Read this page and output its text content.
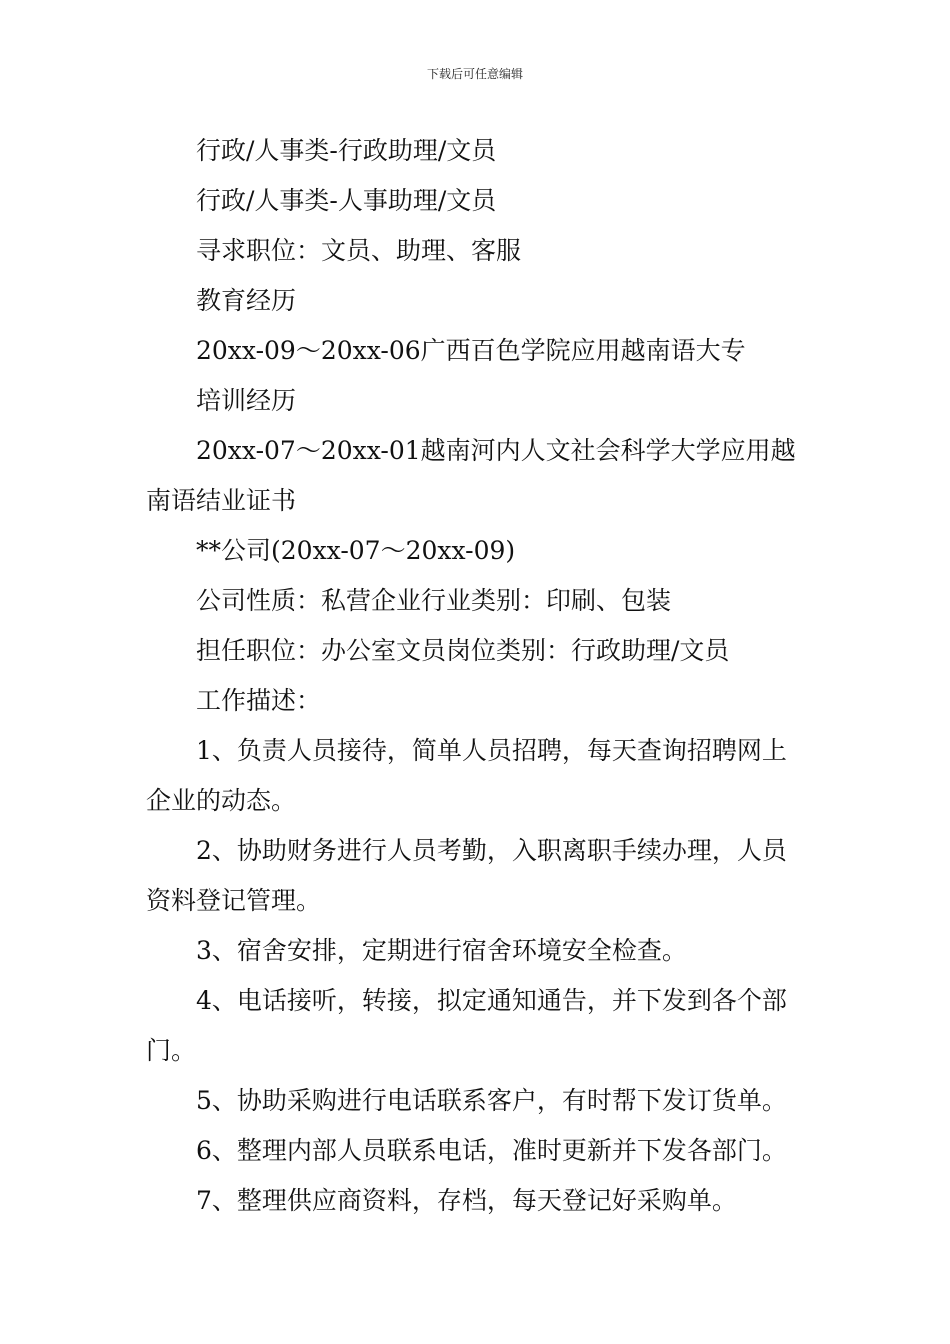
下载后可任意编辑

行政/人事类-行政助理/文员

行政/人事类-人事助理/文员

寻求职位：文员、助理、客服

教育经历

20xx-09～20xx-06广西百色学院应用越南语大专

培训经历

20xx-07～20xx-01越南河内人文社会科学大学应用越南语结业证书

**公司(20xx-07～20xx-09)

公司性质：私营企业行业类别：印刷、包装

担任职位：办公室文员岗位类别：行政助理/文员

工作描述：

1、负责人员接待，简单人员招聘，每天查询招聘网上企业的动态。

2、协助财务进行人员考勤，入职离职手续办理，人员资料登记管理。

3、宿舍安排，定期进行宿舍环境安全检查。

4、电话接听，转接，拟定通知通告，并下发到各个部门。

5、协助采购进行电话联系客户，有时帮下发订货单。

6、整理内部人员联系电话，准时更新并下发各部门。

7、整理供应商资料，存档，每天登记好采购单。
